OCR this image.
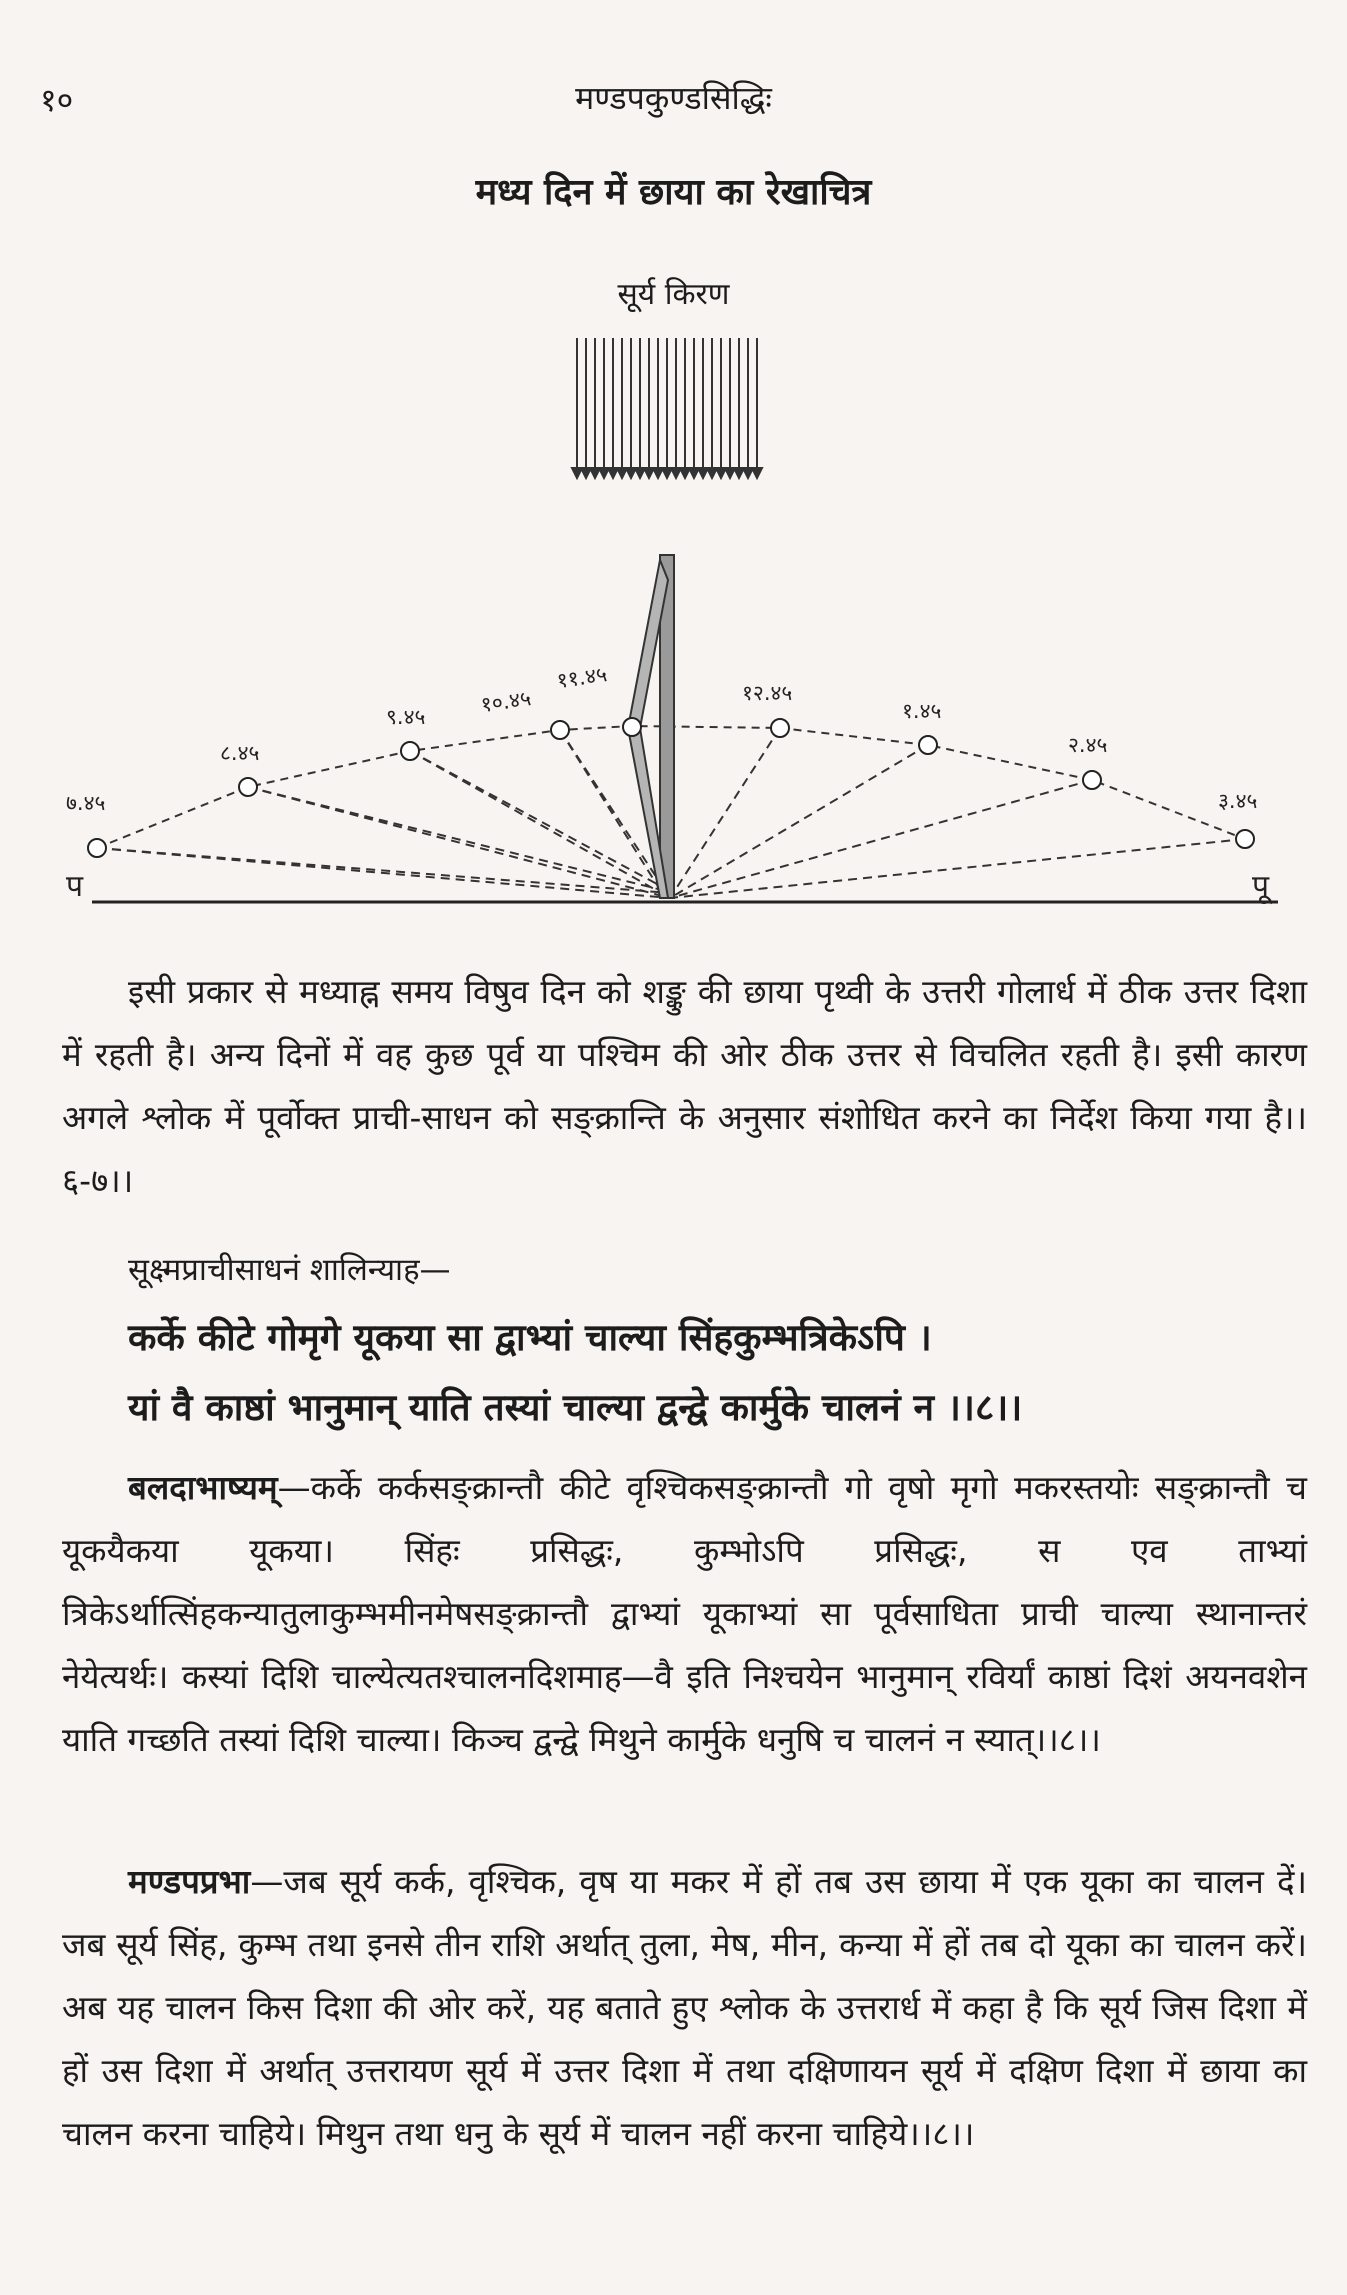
१०	मण्डपकुण्डसिद्धिः
मध्य दिन में छाया का रेखाचित्र
सूर्य किरण
७.४५
८.४५
९.४५
१०.४५
११.४५
१२.४५
१.४५
२.४५
३.४५
प	पू

इसी प्रकार से मध्याह्न समय विषुव दिन को शङ्कु की छाया पृथ्वी के उत्तरी गोलार्ध में ठीक उत्तर दिशा में रहती है। अन्य दिनों में वह कुछ पूर्व या पश्चिम की ओर ठीक उत्तर से विचलित रहती है। इसी कारण अगले श्लोक में पूर्वोक्त प्राची-साधन को सङ्क्रान्ति के अनुसार संशोधित करने का निर्देश किया गया है।।६-७।।

सूक्ष्मप्राचीसाधनं शालिन्याह—
कर्के कीटे गोमृगे यूकया सा द्वाभ्यां चाल्या सिंहकुम्भत्रिकेऽपि ।
यां वै काष्ठां भानुमान् याति तस्यां चाल्या द्वन्द्वे कार्मुके चालनं न ।।८।।

बलदाभाष्यम्—कर्के कर्कसङ्क्रान्तौ कीटे वृश्चिकसङ्क्रान्तौ गो वृषो मृगो मकरस्तयोः सङ्क्रान्तौ च यूकयैकया यूकया। सिंहः प्रसिद्धः, कुम्भोऽपि प्रसिद्धः, स एव ताभ्यां त्रिकेऽर्थात्सिंहकन्यातुलाकुम्भमीनमेषसङ्क्रान्तौ द्वाभ्यां यूकाभ्यां सा पूर्वसाधिता प्राची चाल्या स्थानान्तरं नेयेत्यर्थः। कस्यां दिशि चाल्येत्यतश्चालनदिशमाह—वै इति निश्चयेन भानुमान् रविर्यां काष्ठां दिशं अयनवशेन याति गच्छति तस्यां दिशि चाल्या। किञ्च द्वन्द्वे मिथुने कार्मुके धनुषि च चालनं न स्यात्।।८।।

मण्डपप्रभा—जब सूर्य कर्क, वृश्चिक, वृष या मकर में हों तब उस छाया में एक यूका का चालन दें। जब सूर्य सिंह, कुम्भ तथा इनसे तीन राशि अर्थात् तुला, मेष, मीन, कन्या में हों तब दो यूका का चालन करें। अब यह चालन किस दिशा की ओर करें, यह बताते हुए श्लोक के उत्तरार्ध में कहा है कि सूर्य जिस दिशा में हों उस दिशा में अर्थात् उत्तरायण सूर्य में उत्तर दिशा में तथा दक्षिणायन सूर्य में दक्षिण दिशा में छाया का चालन करना चाहिये। मिथुन तथा धनु के सूर्य में चालन नहीं करना चाहिये।।८।।
